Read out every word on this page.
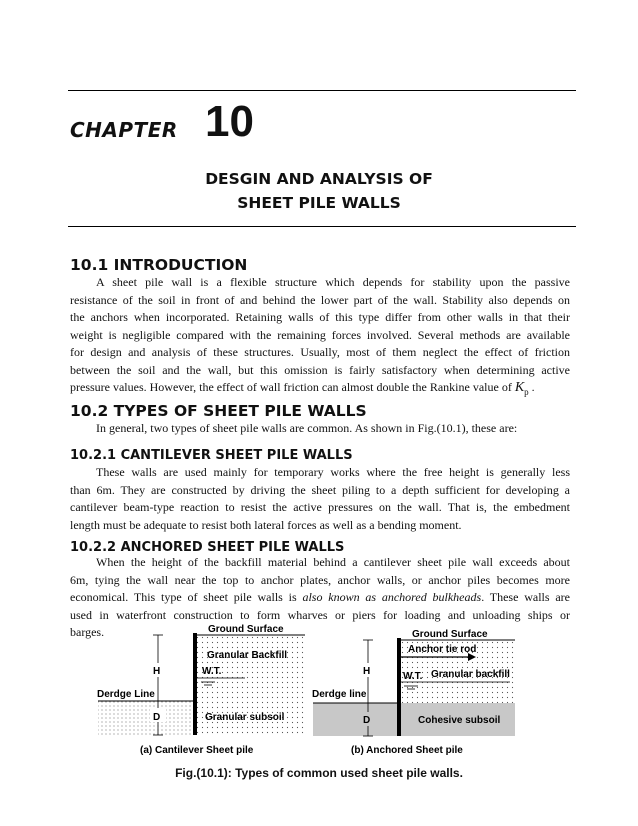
CHAPTER 10
DESGIN AND ANALYSIS OF
SHEET PILE WALLS
10.1 INTRODUCTION
A sheet pile wall is a flexible structure which depends for stability upon the passive
resistance of the soil in front of and behind the lower part of the wall. Stability also depends on
the anchors when incorporated. Retaining walls of this type differ from other walls in that their
weight is negligible compared with the remaining forces involved. Several methods are available
for design and analysis of these structures. Usually, most of them neglect the effect of friction
between the soil and the wall, but this omission is fairly satisfactory when determining active
pressure values. However, the effect of wall friction can almost double the Rankine value of $K_p$ .
10.2 TYPES OF SHEET PILE WALLS
In general, two types of sheet pile walls are common. As shown in Fig.(10.1), these are:
10.2.1 CANTILEVER SHEET PILE WALLS
These walls are used mainly for temporary works where the free height is generally less
than 6m. They are constructed by driving the sheet piling to a depth sufficient for developing a
cantilever beam-type reaction to resist the active pressures on the wall. That is, the embedment
length must be adequate to resist both lateral forces as well as a bending moment.
10.2.2 ANCHORED SHEET PILE WALLS
When the height of the backfill material behind a cantilever sheet pile wall exceeds about
6m, tying the wall near the top to anchor plates, anchor walls, or anchor piles becomes more
economical. This type of sheet pile walls is also known as anchored bulkheads. These walls are
used in waterfront construction to form wharves or piers for loading and unloading ships or
barges.	Ground Surface
Granular Backfill
H	W.T.
Derdge Line
D	Granular subsoil
(a) Cantilever Sheet pile
Ground Surface
Anchor tie rod
H	W.T. Granular backfill
Derdge line
D	Cohesive subsoil
(b) Anchored Sheet pile
Fig.(10.1): Types of common used sheet pile walls.
